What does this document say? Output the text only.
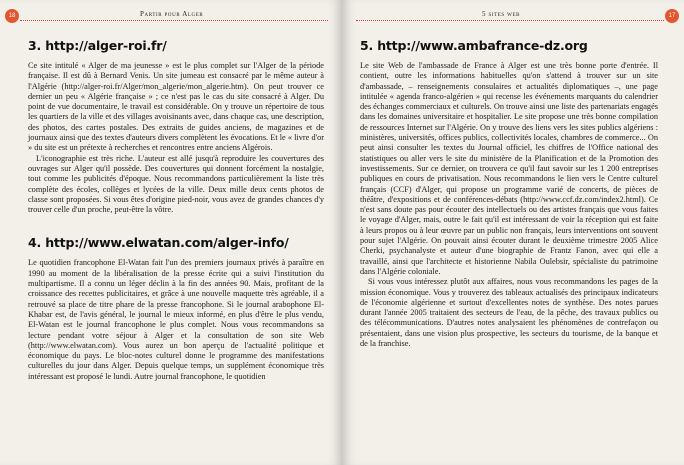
18	Partir pour Alger
3. http://alger-roi.fr/

Ce site intitulé « Alger de ma jeunesse » est le plus complet sur l'Alger de la période française. Il est dû à Bernard Venis. Un site jumeau est consacré par le même auteur à l'Algérie (http://alger-roi.fr/Alger/mon_algerie/mon_algerie.htm). On peut trouver ce dernier un peu « Algérie française » ; ce n'est pas le cas du site consacré à Alger. Du point de vue documentaire, le travail est considérable. On y trouve un répertoire de tous les quartiers de la ville et des villages avoisinants avec, dans chaque cas, une description, des photos, des cartes postales. Des extraits de guides anciens, de magazines et de journaux ainsi que des textes d'auteurs divers complètent les évocations. Et le « livre d'or » du site est un prétexte à recherches et rencontres entre anciens Algérois.

L'iconographie est très riche. L'auteur est allé jusqu'à reproduire les couvertures des ouvrages sur Alger qu'il possède. Des couvertures qui donnent forcément la nostalgie, tout comme les publicités d'époque. Nous recommandons particulièrement la liste très complète des écoles, collèges et lycées de la ville. Deux mille deux cents photos de classe sont proposées. Si vous êtes d'origine pied-noir, vous avez de grandes chances d'y trouver celle d'un proche, peut-être la vôtre.

4. http://www.elwatan.com/alger-info/

Le quotidien francophone El-Watan fait l'un des premiers journaux privés à paraître en 1990 au moment de la libéralisation de la presse écrite qui a suivi l'institution du multipartisme. Il a connu un léger déclin à la fin des années 90. Mais, profitant de la croissance des recettes publicitaires, et grâce à une nouvelle maquette très agréable, il a retrouvé sa place de titre phare de la presse francophone. Si le journal arabophone El-Khabar est, de l'avis général, le journal le mieux informé, en plus d'être le plus vendu, El-Watan est le journal francophone le plus complet. Nous vous recommandons sa lecture pendant votre séjour à Alger et la consultation de son site Web (http://www.elwatan.com). Vous aurez un bon aperçu de l'actualité politique et économique du pays. Le bloc-notes culturel donne le programme des manifestations culturelles du jour dans Alger. Depuis quelque temps, un supplément économique très intéressant est proposé le lundi. Autre journal francophone, le quotidien

5 sites web	17
5. http://www.ambafrance-dz.org

Le site Web de l'ambassade de France à Alger est une très bonne porte d'entrée. Il contient, outre les informations habituelles qu'on s'attend à trouver sur un site d'ambassade, – renseignements consulaires et actualités diplomatiques –, une page intitulée « agenda franco-algérien » qui recense les événements marquants du calendrier des échanges commerciaux et culturels. On trouve ainsi une liste des partenariats engagés dans les domaines universitaire et hospitalier. Le site propose une très bonne compilation de ressources Internet sur l'Algérie. On y trouve des liens vers les sites publics algériens : ministères, universités, offices publics, collectivités locales, chambres de commerce... On peut ainsi consulter les textes du Journal officiel, les chiffres de l'Office national des statistiques ou aller vers le site du ministère de la Planification et de la Promotion des investissements. Sur ce dernier, on trouvera ce qu'il faut savoir sur les 1 200 entreprises publiques en cours de privatisation. Nous recommandons le lien vers le Centre culturel français (CCF) d'Alger, qui propose un programme varié de concerts, de pièces de théâtre, d'expositions et de conférences-débats (http://www.ccf.dz.com/index2.html). Ce n'est sans doute pas pour écouter des intellectuels ou des artistes français que vous faites le voyage d'Alger, mais, outre le fait qu'il est intéressant de voir la réception qui est faite à leurs propos ou à leur œuvre par un public non français, leurs interventions ont souvent pour sujet l'Algérie. On pouvait ainsi écouter durant le deuxième trimestre 2005 Alice Cherki, psychanalyste et auteur d'une biographie de Frantz Fanon, avec qui elle a travaillé, ainsi que l'architecte et historienne Nabila Oulebsir, spécialiste du patrimoine dans l'Algérie coloniale.

Si vous vous intéressez plutôt aux affaires, nous vous recommandons les pages de la mission économique. Vous y trouverez des tableaux actualisés des principaux indicateurs de l'économie algérienne et surtout d'excellentes notes de synthèse. Des notes parues durant l'année 2005 traitaient des secteurs de l'eau, de la pêche, des travaux publics ou des télécommunications. D'autres notes analysaient les phénomènes de contrefaçon ou présentaient, dans une vision plus prospective, les secteurs du tourisme, de la banque et de la franchise.
